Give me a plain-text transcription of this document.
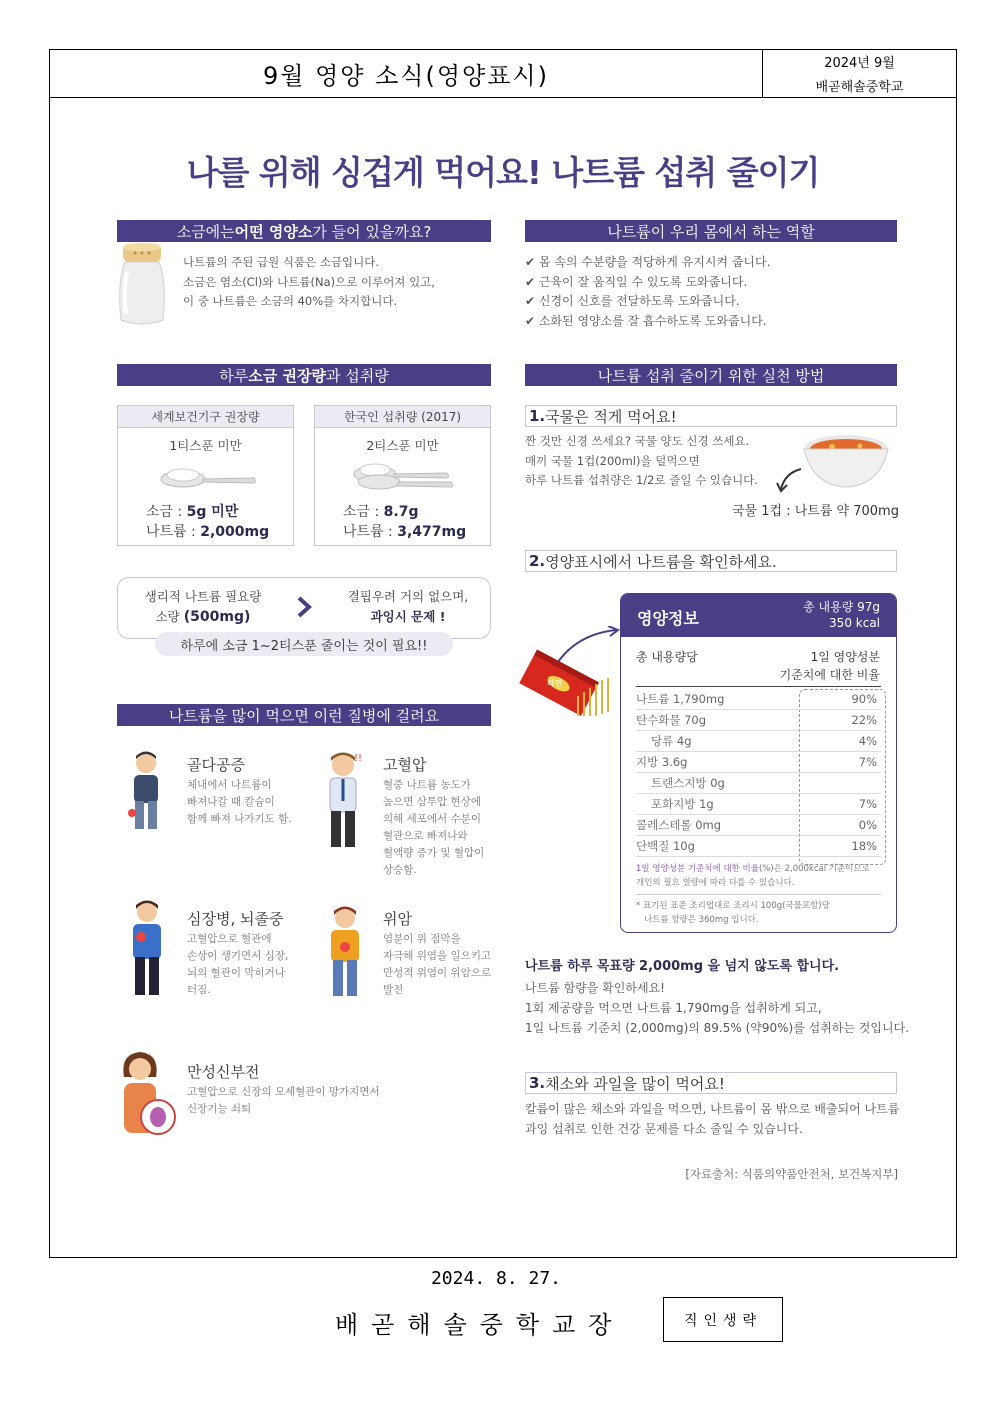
9월 영양 소식(영양표시)	2024년 9월
배곧해솔중학교
나를 위해 싱겁게 먹어요! 나트륨 섭취 줄이기
소금에는 어떤 영양소 가 들어 있을까요?
나트륨의 주된 급원 식품은 소금입니다.
소금은 염소(Cl)와 나트륨(Na)으로 이루어져 있고,
이 중 나트륨은 소금의 40%를 차지합니다.
나트륨이 우리 몸에서 하는 역할
✔ 몸 속의 수분량을 적당하게 유지시켜 줍니다.
✔ 근육이 잘 움직일 수 있도록 도와줍니다.
✔ 신경이 신호를 전달하도록 도와줍니다.
✔ 소화된 영양소를 잘 흡수하도록 도와줍니다.
하루 소금 권장량 과 섭취량
세계보건기구 권장량
1티스푼 미만
소금 : 5g 미만
나트륨 : 2,000mg
한국인 섭취량 (2017)
2티스푼 미만
소금 : 8.7g
나트륨 : 3,477mg
생리적 나트륨 필요량
소량 (500mg)
결핍우려 거의 없으며,
과잉시 문제 !
하루에 소금 1~2티스푼 줄이는 것이 필요!!
나트륨을 많이 먹으면 이런 질병에 걸려요
!!
골다공증
체내에서 나트륨이
빠져나갈 때 칼슘이
함께 빠져 나가기도 함.
고혈압
혈중 나트륨 농도가
높으면 삼투압 현상에
의해 세포에서 수분이
혈관으로 빠져나와
혈액량 증가 및 혈압이
상승함.
심장병, 뇌졸중
고혈압으로 혈관에
손상이 생기면서 심장,
뇌의 혈관이 막히거나
터짐.
위암
염분이 위 점막을
자극해 위염을 일으키고
만성적 위염이 위암으로
발전
만성신부전
고혈압으로 신장의 모세혈관이 망가지면서
신장기능 쇠퇴
나트륨 섭취 줄이기 위한 실천 방법
1. 국물은 적게 먹어요!
짠 것만 신경 쓰세요? 국물 양도 신경 쓰세요.
매끼 국물 1컵(200ml)을 덜먹으면
하루 나트륨 섭취량은 1/2로 줄일 수 있습니다.
국물 1컵 : 나트륨 약 700mg
2. 영양표시에서 나트륨을 확인하세요.
라면
영양정보
총 내용량 97g
350 kcal
총 내용량당	1일 영양성분
기준치에 대한 비율
나트륨 1,790mg	90%
탄수화물 70g	22%
당류 4g	4%
지방 3.6g	7%
트랜스지방 0g
포화지방 1g	7%
콜레스테롤 0mg	0%
단백질 10g	18%
1일 영양성분 기준치에 대한 비율(%)은 2,000kcal 기준이므로
개인의 필요 열량에 따라 다를 수 있습니다.
* 표기된 표준 조리법대로 조리시 100g(국물포함)당
나트륨 함량은 360mg 입니다.
나트륨 하루 목표량 2,000mg 을 넘지 않도록 합니다.
나트륨 함량을 확인하세요!
1회 제공량을 먹으면 나트륨 1,790mg을 섭취하게 되고,
1일 나트륨 기준치 (2,000mg)의 89.5% (약90%)를 섭취하는 것입니다.
3. 채소와 과일을 많이 먹어요!
칼륨이 많은 채소와 과일을 먹으면, 나트륨이 몸 밖으로 배출되어 나트륨
과잉 섭취로 인한 건강 문제를 다소 줄일 수 있습니다.
[자료출처: 식품의약품안전처, 보건복지부]
2024. 8. 27.
배곧해솔중학교장	직인생략
